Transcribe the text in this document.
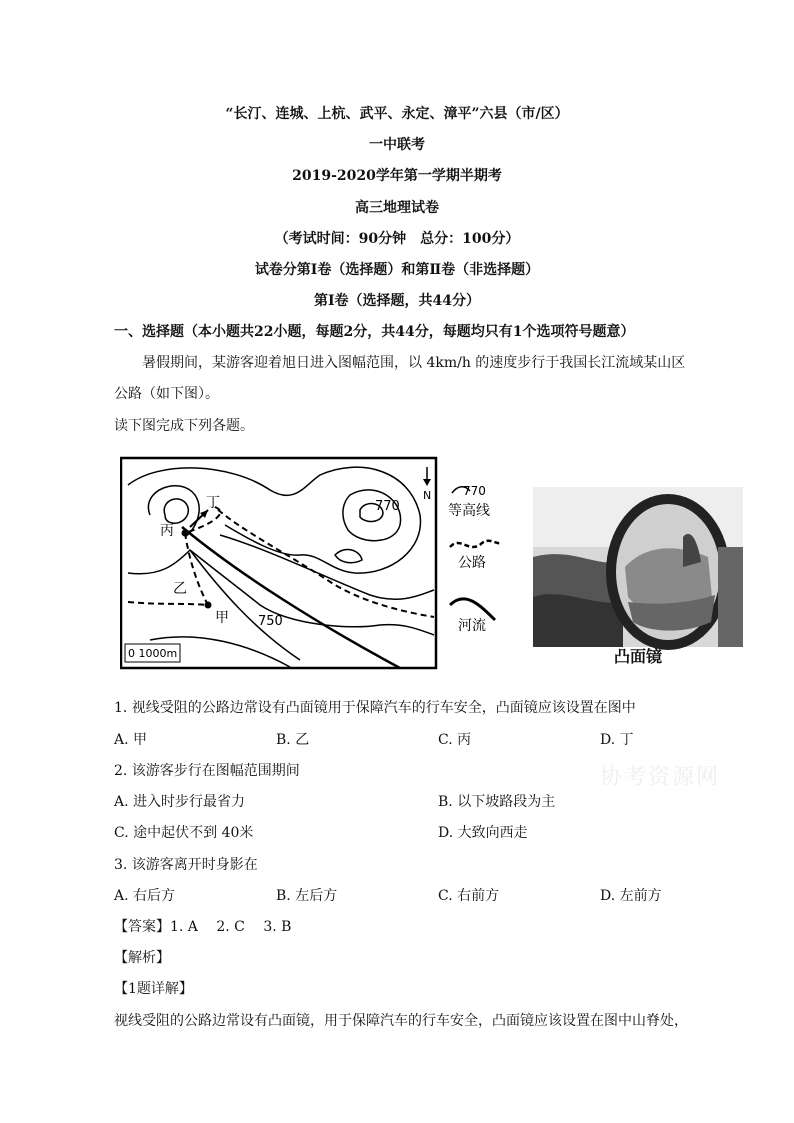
“长汀、连城、上杭、武平、永定、漳平”六县（市/区）
一中联考
2019-2020学年第一学期半期考
高三地理试卷
（考试时间：90分钟　总分：100分）
试卷分第Ⅰ卷（选择题）和第Ⅱ卷（非选择题）
第Ⅰ卷（选择题，共44分）
一、选择题（本小题共22小题，每题2分，共44分，每题均只有1个选项符号题意）
暑假期间，某游客迎着旭日进入图幅范围，以 4km/h 的速度步行于我国长江流域某山区
公路（如下图）。
读下图完成下列各题。
770
750
甲
乙
丙
丁	N
0 1000m
770
等高线
公路
河流
凸面镜
1. 视线受阻的公路边常设有凸面镜用于保障汽车的行车安全，凸面镜应该设置在图中
A. 甲	B. 乙	C. 丙	D. 丁
2. 该游客步行在图幅范围期间
A. 进入时步行最省力	B. 以下坡路段为主
C. 途中起伏不到 40米	D. 大致向西走
3. 该游客离开时身影在
A. 右后方	B. 左后方	C. 右前方	D. 左前方
【答案】1. A　 2. C　 3. B
【解析】
【1题详解】
视线受阻的公路边常设有凸面镜，用于保障汽车的行车安全，凸面镜应该设置在图中山脊处，
协考资源网
